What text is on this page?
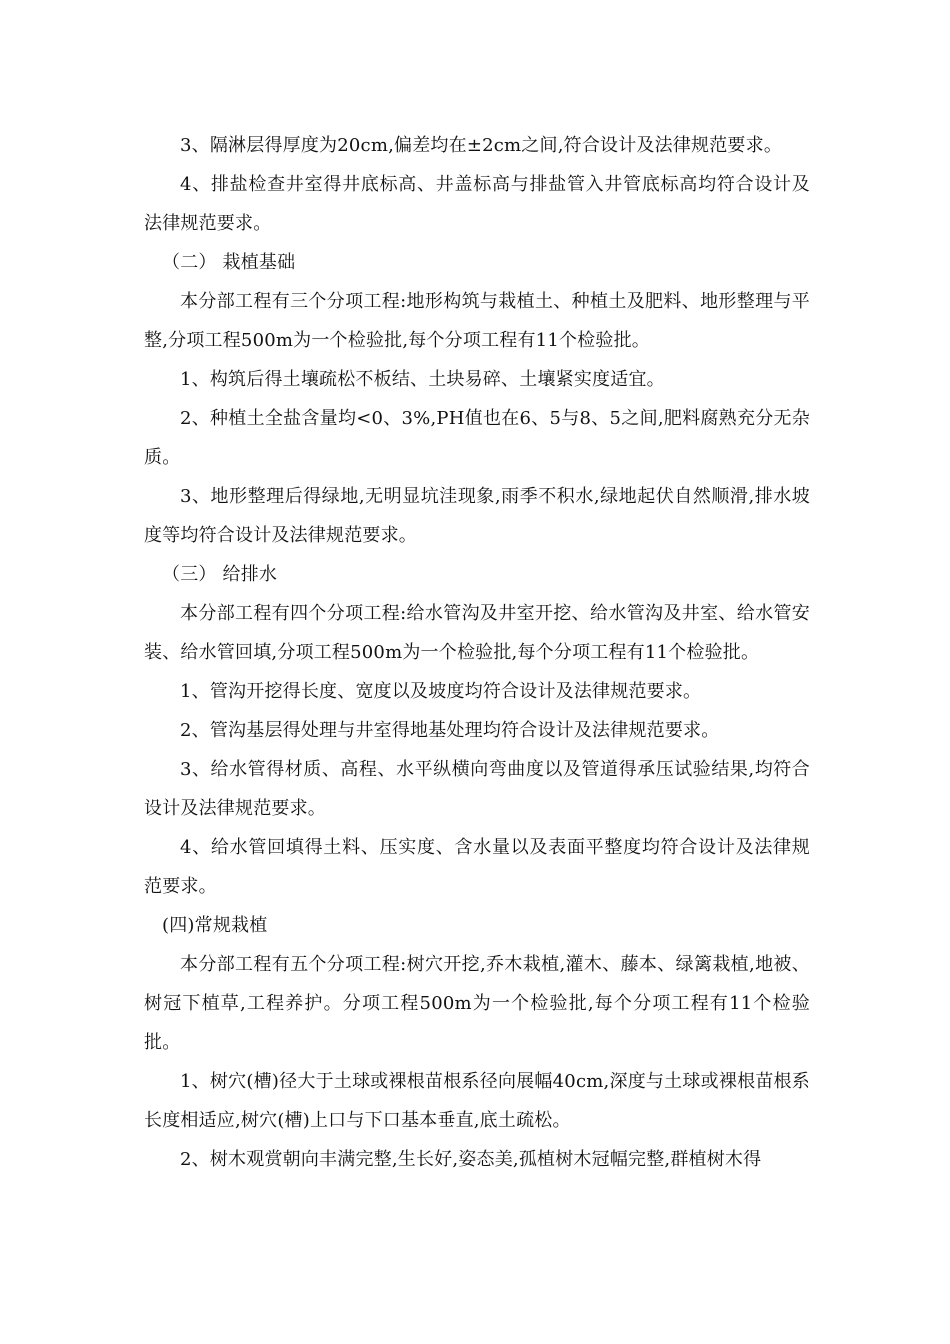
3、隔淋层得厚度为20cm,偏差均在±2cm之间,符合设计及法律规范要求。

4、排盐检查井室得井底标高、井盖标高与排盐管入井管底标高均符合设计及法律规范要求。

（二） 栽植基础

本分部工程有三个分项工程:地形构筑与栽植土、种植土及肥料、地形整理与平整,分项工程500m为一个检验批,每个分项工程有11个检验批。

1、构筑后得土壤疏松不板结、土块易碎、土壤紧实度适宜。

2、种植土全盐含量均<0、3%,PH值也在6、5与8、5之间,肥料腐熟充分无杂质。

3、地形整理后得绿地,无明显坑洼现象,雨季不积水,绿地起伏自然顺滑,排水坡度等均符合设计及法律规范要求。

（三） 给排水

本分部工程有四个分项工程:给水管沟及井室开挖、给水管沟及井室、给水管安装、给水管回填,分项工程500m为一个检验批,每个分项工程有11个检验批。

1、管沟开挖得长度、宽度以及坡度均符合设计及法律规范要求。

2、管沟基层得处理与井室得地基处理均符合设计及法律规范要求。

3、给水管得材质、高程、水平纵横向弯曲度以及管道得承压试验结果,均符合设计及法律规范要求。

4、给水管回填得土料、压实度、含水量以及表面平整度均符合设计及法律规范要求。

(四)常规栽植

本分部工程有五个分项工程:树穴开挖,乔木栽植,灌木、藤本、绿篱栽植,地被、树冠下植草,工程养护。分项工程500m为一个检验批,每个分项工程有11个检验批。

1、树穴(槽)径大于土球或裸根苗根系径向展幅40cm,深度与土球或裸根苗根系长度相适应,树穴(槽)上口与下口基本垂直,底土疏松。

2、树木观赏朝向丰满完整,生长好,姿态美,孤植树木冠幅完整,群植树木得
